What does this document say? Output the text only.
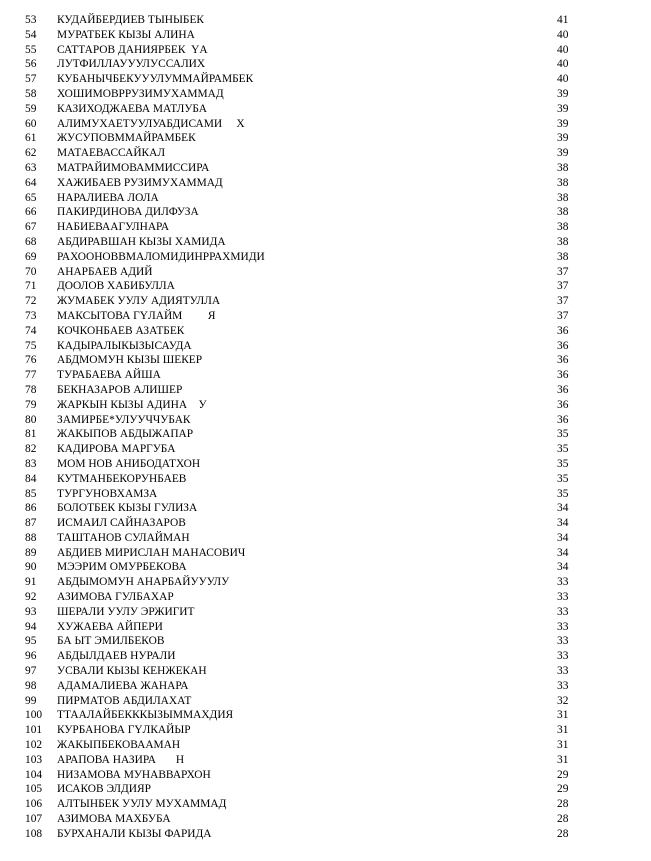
53	КУДАЙБЕРДИЕВ ТЫНЫБЕК	41
54	МУРАТБЕК КЫЗЫ АЛИНА	40
55	САТТАРОВ ДАНИЯРБЕК  ҮА	40
56	ЛУТФИЛЛАУУУЛУССАЛИХ	40
57	КУБАНЫЧБЕКУУУЛУММАЙРАМБЕК	40
58	ХОШИМОВРРУЗИМУХАММАД	39
59	КАЗИХОДЖАЕВА МАТЛУБА	39
60	АЛИМУХАЕТУУЛУАБДИСАМИ     Х	39
61	ЖУСУПОВММАЙРАМБЕК	39
62	МАТАЕВАССАЙКАЛ	39
63	МАТРАЙИМОВАММИССИРА	38
64	ХАЖИБАЕВ РУЗИМУХАММАД	38
65	НАРАЛИЕВА ЛОЛА	38
66	ПАКИРДИНОВА ДИЛФУЗА	38
67	НАБИЕВААГУЛНАРА	38
68	АБДИРАВШАН КЫЗЫ ХАМИДА	38
69	РАХООНОВВМАЛОМИДИНРРАХМИДИ	38
70	АНАРБАЕВ АДИЙ	37
71	ДООЛОВ ХАБИБУЛЛА	37
72	ЖУМАБЕК УУЛУ АДИЯТУЛЛА	37
73	МАКСЫТОВА ГҮЛАЙМ         Я	37
74	КОЧКОНБАЕВ АЗАТБЕК	36
75	КАДЫРАЛЫКЫЗЫСАУДА	36
76	АБДМОМУН КЫЗЫ ШЕКЕР	36
77	ТУРАБАЕВА АЙША	36
78	БЕКНАЗАРОВ АЛИШЕР	36
79	ЖАРКЫН КЫЗЫ АДИНА    У	36
80	ЗАМИРБЕ*УЛУУЧЧУБАК	36
81	ЖАКЫПОВ АБДЫЖАПАР	35
82	КАДИРОВА МАРГУБА	35
83	МОМ НОВ АНИБОДАТХОН	35
84	КУТМАНБЕКОРУНБАЕВ	35
85	ТУРГУНОВХАМЗА	35
86	БОЛОТБЕК КЫЗЫ ГУЛИЗА	34
87	ИСМАИЛ САЙНАЗАРОВ	34
88	ТАШТАНОВ СУЛАЙМАН	34
89	АБДИЕВ МИРИСЛАН МАНАСОВИЧ	34
90	МЭЭРИМ ОМУРБЕКОВА	34
91	АБДЫМОМУН АНАРБАЙУУУЛУ	33
92	АЗИМОВА ГУЛБАХАР	33
93	ШЕРАЛИ УУЛУ ЭРЖИГИТ	33
94	ХУЖАЕВА АЙПЕРИ	33
95	БА ЫТ ЭМИЛБЕКОВ	33
96	АБДЫЛДАЕВ НУРАЛИ	33
97	УСВАЛИ КЫЗЫ КЕНЖЕКАН	33
98	АДАМАЛИЕВА ЖАНАРА	33
99	ПИРМАТОВ АБДИЛАХАТ	32
100	ТТААЛАЙБЕКККЫЗЫММАХДИЯ	31
101	КУРБАНОВА ГҮЛКАЙЫР	31
102	ЖАКЫПБЕКОВААМАН	31
103	АРАПОВА НАЗИРА       Н	31
104	НИЗАМОВА МУНАВВАРХОН	29
105	ИСАКОВ ЭЛДИЯР	29
106	АЛТЫНБЕК УУЛУ МУХАММАД	28
107	АЗИМОВА МАХБУБА	28
108	БУРХАНАЛИ КЫЗЫ ФАРИДА	28
